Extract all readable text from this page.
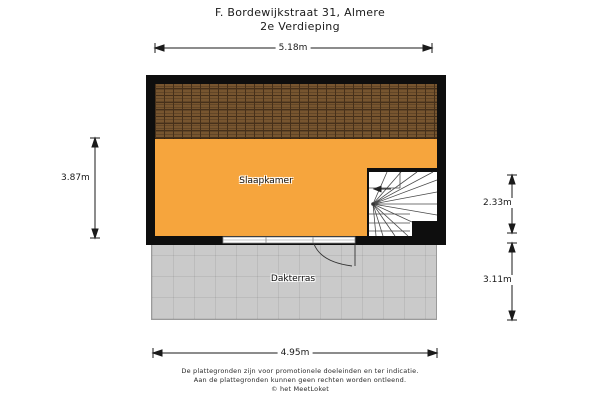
F. Bordewijkstraat 31, Almere
2e Verdieping
Slaapkamer
Dakterras
5.18m
3.87m
2.33m
3.11m
4.95m
De plattegronden zijn voor promotionele doeleinden en ter indicatie.
Aan de plattegronden kunnen geen rechten worden ontleend.
© het MeetLoket
